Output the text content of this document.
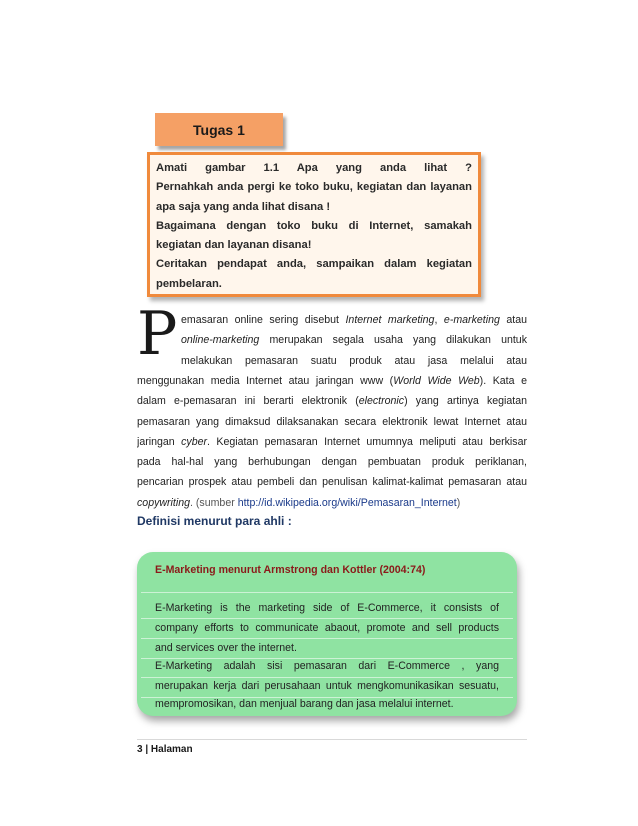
Tugas 1
Amati gambar 1.1 Apa yang anda lihat ?
Pernahkah anda pergi ke toko buku, kegiatan dan layanan
apa saja yang anda lihat disana !
Bagaimana dengan toko buku di Internet, samakah
kegiatan dan layanan disana!
Ceritakan pendapat anda, sampaikan dalam kegiatan
pembelaran.
P emasaran online sering disebut Internet marketing, e-marketing atau
online-marketing merupakan segala usaha yang dilakukan untuk
melakukan pemasaran suatu produk atau jasa melalui atau
menggunakan media Internet atau jaringan www (World Wide Web). Kata e
dalam e-pemasaran ini berarti elektronik (electronic) yang artinya kegiatan
pemasaran yang dimaksud dilaksanakan secara elektronik lewat Internet atau
jaringan cyber. Kegiatan pemasaran Internet umumnya meliputi atau berkisar
pada hal-hal yang berhubungan dengan pembuatan produk periklanan,
pencarian prospek atau pembeli dan penulisan kalimat-kalimat pemasaran atau
copywriting. (sumber http://id.wikipedia.org/wiki/Pemasaran_Internet)
Definisi menurut para ahli :
E-Marketing menurut Armstrong dan Kottler (2004:74)
E-Marketing is the marketing side of E-Commerce, it consists of
company efforts to communicate abaout, promote and sell products
and services over the internet.
E-Marketing adalah sisi pemasaran dari E-Commerce , yang
merupakan kerja dari perusahaan untuk mengkomunikasikan sesuatu,
mempromosikan, dan menjual barang dan jasa melalui internet.
3 | Halaman
